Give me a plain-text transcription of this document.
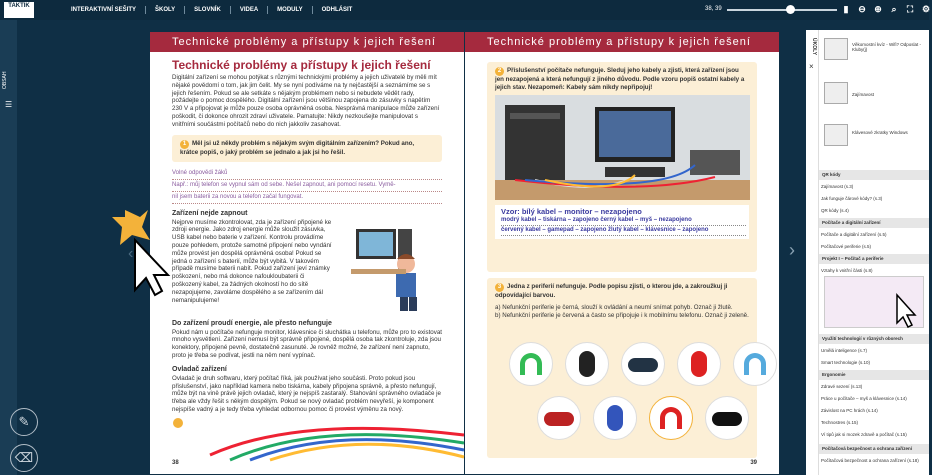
TAKTIK
INTERAKTIVNÍ SEŠITY	ŠKOLY	SLOVNÍK	VIDEA	MODULY	ODHLÁSIT	38, 39	▮	⊖ ⊕	⌕	⛶ ⚙
OBSAH
☰
✎
⌫
‹	›
Technické problémy a přístupy k jejich řešení
Technické problémy a přístupy k jejich řešení
Digitální zařízení se mohou potýkat s různými technickými problémy a jejich uživatelé by měli mít nějaké povědomí o tom, jak jim čelit. My se nyní podíváme na ty nejčastější a seznámíme se s jejich řešením. Pokud se ale setkáte s nějakým problémem nebo si nebudete vědět rady, požádejte o pomoc dospělého. Digitální zařízení jsou většinou zapojena do zásuvky s napětím 230 V a připojovat je může pouze osoba oprávněná osoba. Nesprávná manipulace může zařízení poškodit, či dokonce ohrozit zdraví uživatele. Pamatujte: Nikdy nezkoušejte manipulovat s vnitřními součástmi počítačů nebo do nich jakkoliv zasahovat.
1 Měl jsi už někdy problém s nějakým svým digitálním zařízením? Pokud ano, krátce popiš, o jaký problém se jednalo a jak jsi ho řešil.
Volné odpovědi žáků
Např.: můj telefon se vypnul sám od sebe. Nešel zapnout, ani pomocí resetu. Vymě-
nil jsem baterii za novou a telefon začal fungovat.
Zařízení nejde zapnout
Nejprve musíme zkontrolovat, zda je zařízení připojené ke zdroji energie. Jako zdroj energie může sloužit zásuvka, USB kabel nebo baterie v zařízení. Kontrolu provádíme pouze pohledem, protože samotné připojení nebo vyndání může provést jen dospělá oprávněná osoba! Pokud se jedná o zařízení s baterií, může být vybitá. V takovém případě musíme baterii nabít. Pokud zařízení jeví známky poškození, nebo má dokonce nafoukloubaterii či poškozený kabel, za žádných okolností ho do sítě nezapojujeme, zavoláme dospělého a se zařízením dál nemanipulujeme!
Do zařízení proudí energie, ale přesto nefunguje
Pokud nám u počítače nefunguje monitor, klávesnice či sluchátka u telefonu, může pro to existovat mnoho vysvětlení. Zařízení nemusí být správně připojené, dospělá osoba tak zkontroluje, zda jsou konektory, připojené pevně, dostatečně zasunuté. Je rovněž možné, že zařízení není zapnuto, proto je třeba se podívat, jestli na něm není vypínač.
Ovladač zařízení
Ovladač je druh softwaru, který počítač říká, jak používat jeho součásti. Proto pokud jsou přislušenství, jako například kamera nebo tiskárna, kabely připojena správně, a přesto nefungují, může být na vině právě jejich ovladač, který je nejspíš zastaralý. Stahování správného ovladače je třeba ale vždy řešit s někým dospělým. Pokud se nový ovladač problém nevyřeší, je komponent nejspíše vadný a je tedy třeba vyhledat odbornou pomoc či provést výměnu za nový.
38
Technické problémy a přístupy k jejich řešení
2 Příslušenství počítače nefunguje. Sleduj jeho kabely a zjisti, která zařízení jsou jen nezapojená a která nefungují z jiného důvodu. Podle vzoru popiš ostatní kabely a jejich stav. Nezapomeň: Kabely sám nikdy nepřipojuj!
Vzor: bílý kabel – monitor – nezapojeno
modrý kabel – tiskárna – zapojeno černý kabel – myš – nezapojeno
červený kabel – gamepad – zapojeno žlutý kabel – klávesnice – zapojeno
3 Jedna z periferií nefunguje. Podle popisu zjisti, o kterou jde, a zakroužkuj ji odpovídající barvou.
a) Nefunkční periferie je černá, slouží k ovládání a neumí snímat pohyb. Označ ji žlutě.
b) Nefunkční periferie je červená a často se připojuje i k mobilnímu telefonu. Označ ji zeleně.
39
ÚKOLY
×
Věkomostní kvíz - Wifi? Odposlat - Kluby(j)
Zajímavost
Klávesové zkratky Windows
QR kódy
Zajímavost (s.3)
Jak funguje čárové kódy? (s.3)
QR kódy (s.4)
Počítače a digitální zařízení
Počítače a digitální zařízení (s.5)
Počítačové periferie (s.5)
Projekt I – Počítač a periferie
Vztahy k vnitřní části (s.8)
Využití technologií v různých oborech
Umělá inteligence (s.7)
Smart technologie (s.10)
Ergonomie
Zdravé sezení (s.13)
Práce u počítače – myš a klávesnice (s.14)
Závislost na PC hrách (s.14)
Technostres (s.15)
Ví tipů jak si mozek zdravě a počítač (s.15)
Počítačová bezpečnost a ochrana zařízení
Počítačová bezpečnost a ochrana zařízení (s.18)
